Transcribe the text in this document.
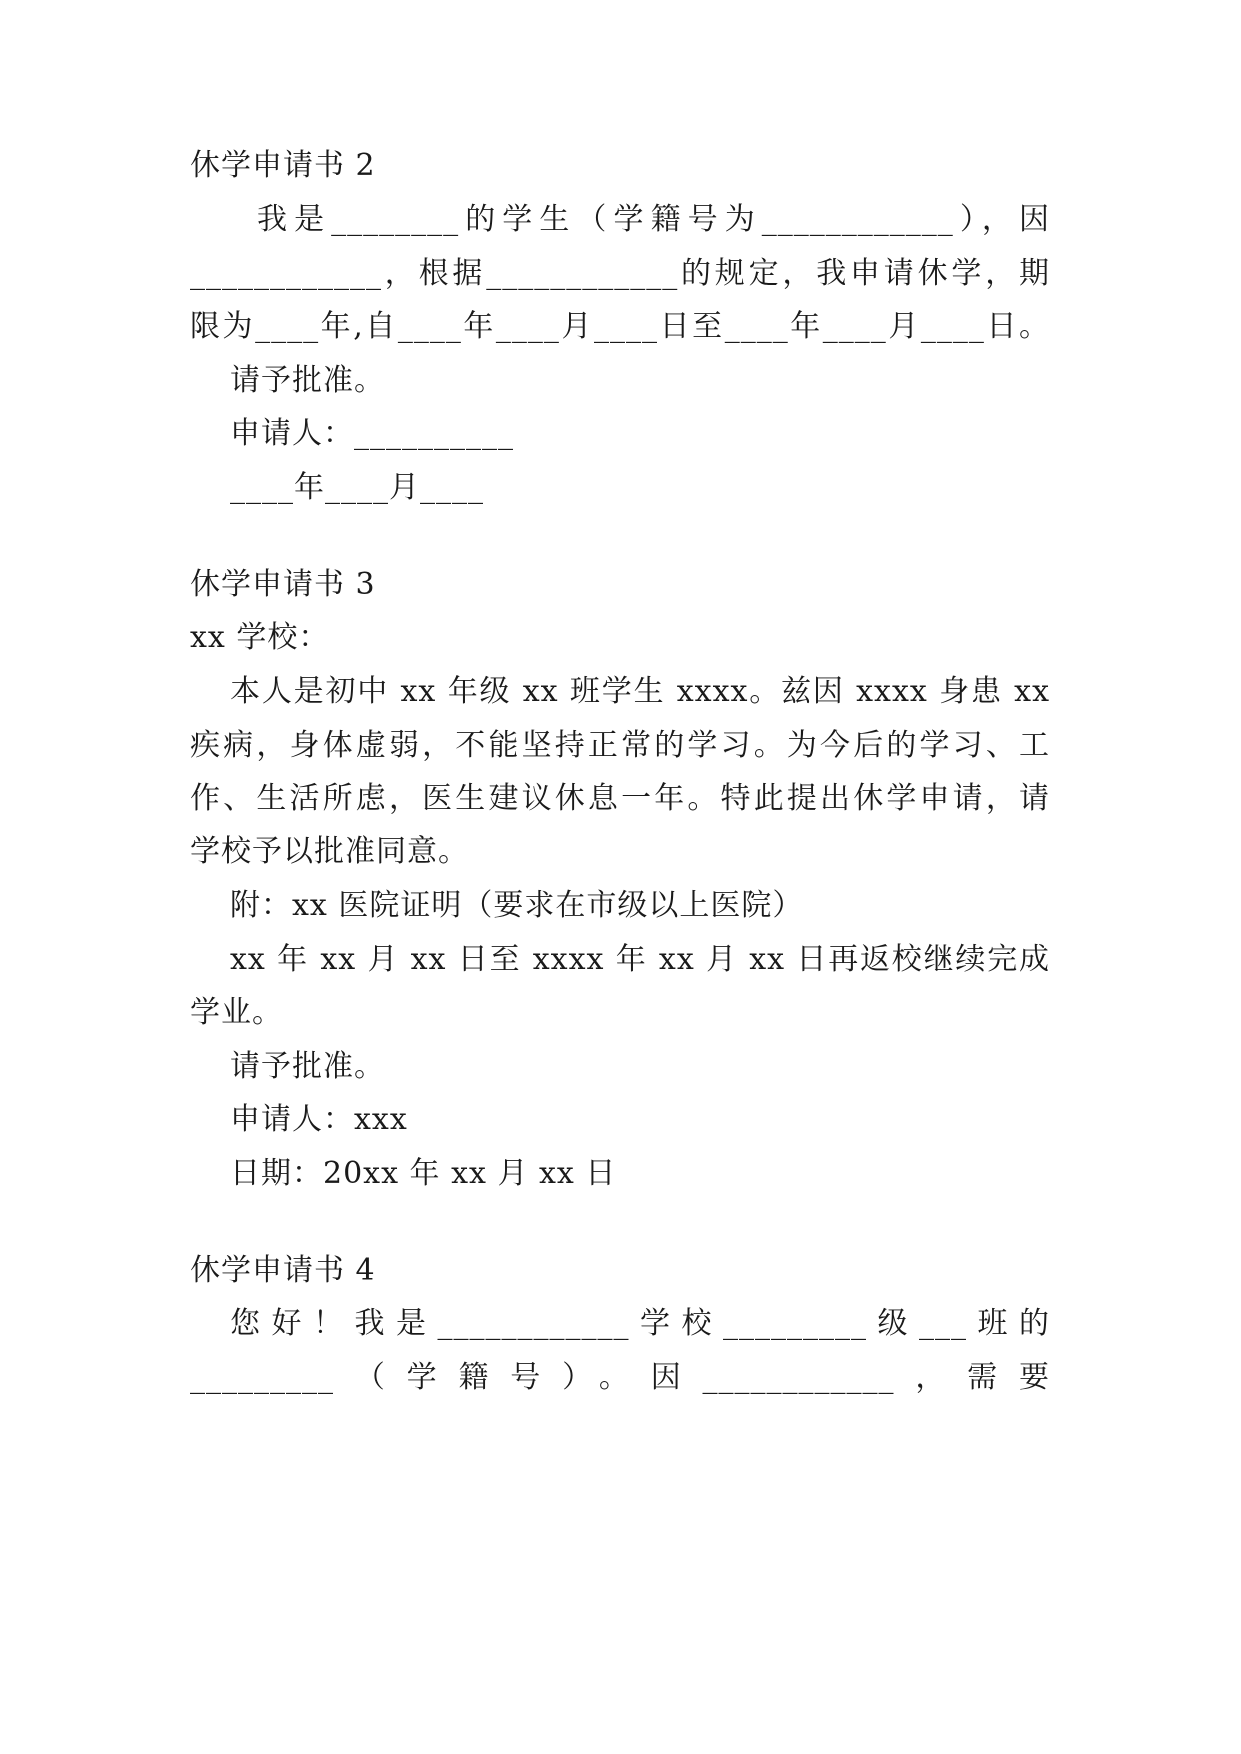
休学申请书 2
我是________的学生（学籍号为____________），因
____________，根据____________的规定，我申请休学，期
限为____年,自____年____月____日至____年____月____日。
请予批准。
申请人：__________
____年____月____
休学申请书 3
xx 学校：
本人是初中 xx 年级 xx 班学生 xxxx。兹因 xxxx 身患 xx
疾病，身体虚弱，不能坚持正常的学习。为今后的学习、工
作、生活所虑，医生建议休息一年。特此提出休学申请，请
学校予以批准同意。
附：xx 医院证明（要求在市级以上医院）
xx 年 xx 月 xx 日至 xxxx 年 xx 月 xx 日再返校继续完成
学业。
请予批准。
申请人：xxx
日期：20xx 年 xx 月 xx 日
休学申请书 4
您好！我是____________学校_________级___班的
_________（学籍号）。因____________，需要
